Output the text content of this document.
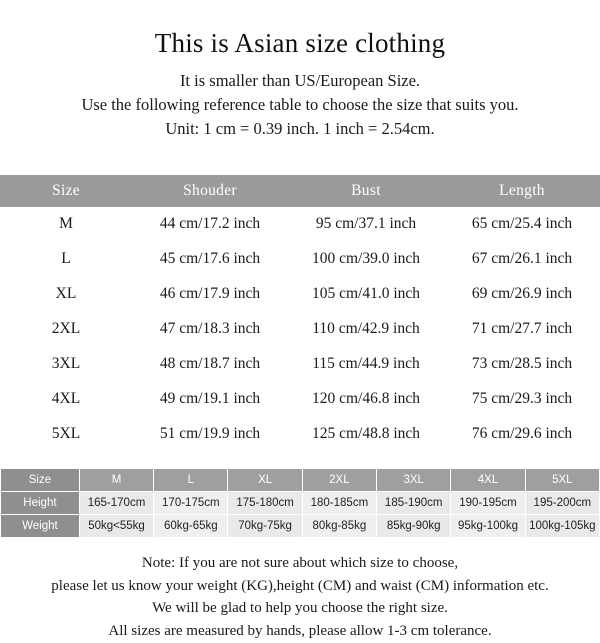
This is Asian size clothing
It is smaller than US/European Size.
Use the following reference table to choose the size that suits you.
Unit: 1 cm = 0.39 inch. 1 inch = 2.54cm.
Size	Shouder	Bust	Length
M	44 cm/17.2 inch	95 cm/37.1 inch	65 cm/25.4 inch
L	45 cm/17.6 inch	100 cm/39.0 inch	67 cm/26.1 inch
XL	46 cm/17.9 inch	105 cm/41.0 inch	69 cm/26.9 inch
2XL	47 cm/18.3 inch	110 cm/42.9 inch	71 cm/27.7 inch
3XL	48 cm/18.7 inch	115 cm/44.9 inch	73 cm/28.5 inch
4XL	49 cm/19.1 inch	120 cm/46.8 inch	75 cm/29.3 inch
5XL	51 cm/19.9 inch	125 cm/48.8 inch	76 cm/29.6 inch
Size	M	L	XL	2XL	3XL	4XL	5XL
Height	165-170cm	170-175cm	175-180cm	180-185cm	185-190cm	190-195cm	195-200cm
Weight	50kg<55kg	60kg-65kg	70kg-75kg	80kg-85kg	85kg-90kg	95kg-100kg	100kg-105kg
Note: If you are not sure about which size to choose,
please let us know your weight (KG),height (CM) and waist (CM) information etc.
We will be glad to help you choose the right size.
All sizes are measured by hands, please allow 1-3 cm tolerance.
